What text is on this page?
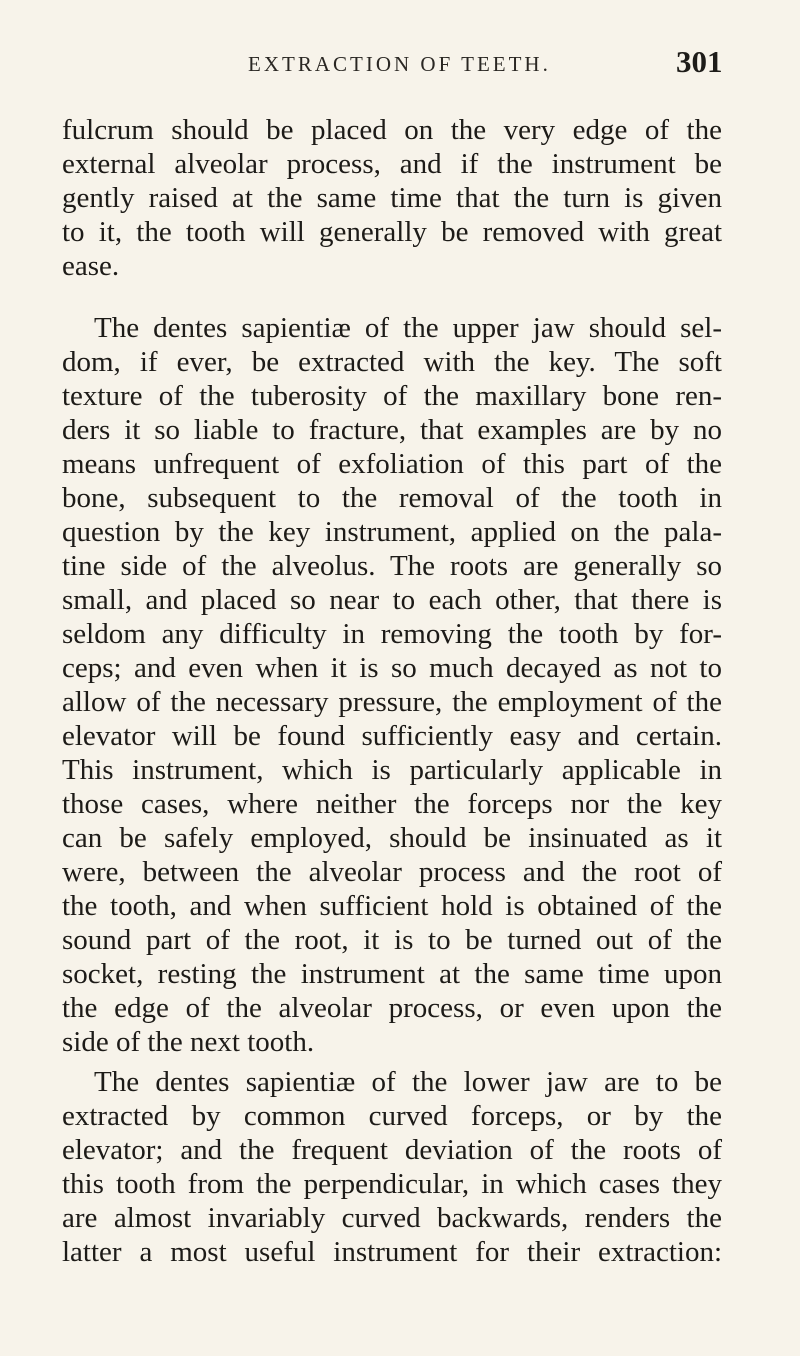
EXTRACTION OF TEETH.	301
fulcrum should be placed on the very edge of the
external alveolar process, and if the instrument be
gently raised at the same time that the turn is given
to it, the tooth will generally be removed with great
ease.
The dentes sapientiæ of the upper jaw should sel-
dom, if ever, be extracted with the key. The soft
texture of the tuberosity of the maxillary bone ren-
ders it so liable to fracture, that examples are by no
means unfrequent of exfoliation of this part of the
bone, subsequent to the removal of the tooth in
question by the key instrument, applied on the pala-
tine side of the alveolus. The roots are generally so
small, and placed so near to each other, that there is
seldom any difficulty in removing the tooth by for-
ceps; and even when it is so much decayed as not to
allow of the necessary pressure, the employment of the
elevator will be found sufficiently easy and certain.
This instrument, which is particularly applicable in
those cases, where neither the forceps nor the key
can be safely employed, should be insinuated as it
were, between the alveolar process and the root of
the tooth, and when sufficient hold is obtained of the
sound part of the root, it is to be turned out of the
socket, resting the instrument at the same time upon
the edge of the alveolar process, or even upon the
side of the next tooth.
The dentes sapientiæ of the lower jaw are to be
extracted by common curved forceps, or by the
elevator; and the frequent deviation of the roots of
this tooth from the perpendicular, in which cases they
are almost invariably curved backwards, renders the
latter a most useful instrument for their extraction:
